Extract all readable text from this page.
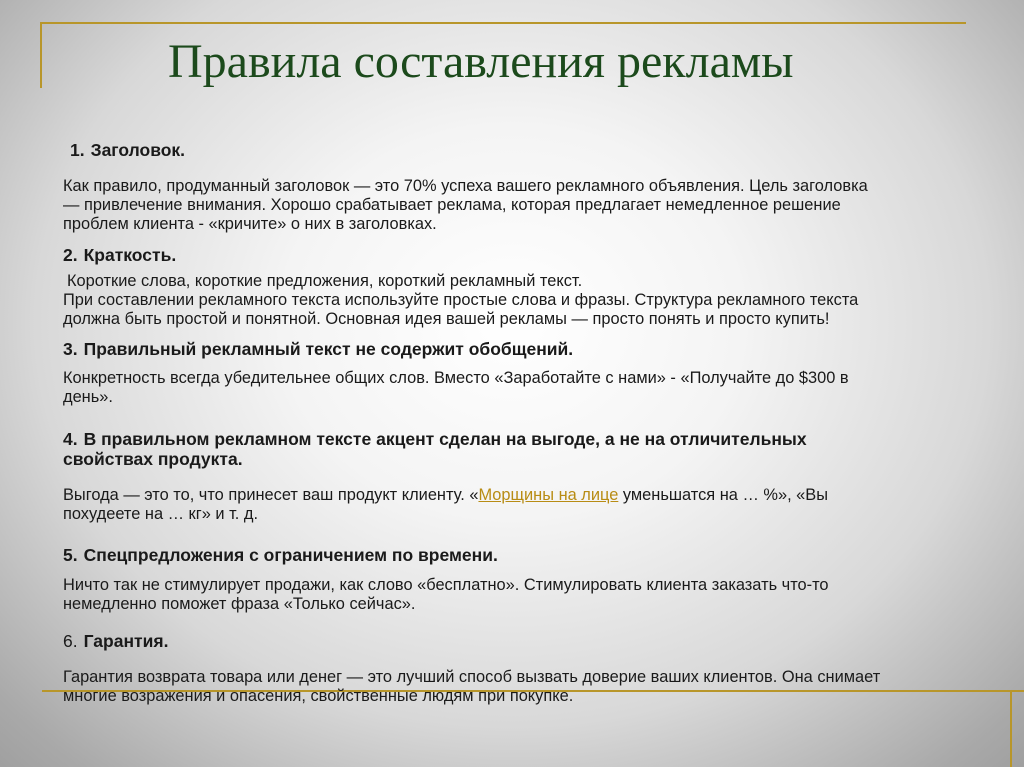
Правила составления рекламы
1. Заголовок.
Как правило, продуманный заголовок — это 70% успеха вашего рекламного объявления. Цель заголовка
— привлечение внимания. Хорошо срабатывает реклама, которая предлагает немедленное решение
проблем клиента - «кричите» о них в заголовках.
2. Краткость.
Короткие слова, короткие предложения, короткий рекламный текст.
При составлении рекламного текста используйте простые слова и фразы. Структура рекламного текста
должна быть простой и понятной. Основная идея вашей рекламы — просто понять и просто купить!
3. Правильный рекламный текст не содержит обобщений.
Конкретность всегда убедительнее общих слов. Вместо «Заработайте с нами» - «Получайте до $300 в
день».
4. В правильном рекламном тексте акцент сделан на выгоде, а не на отличительных
свойствах продукта.
Выгода — это то, что принесет ваш продукт клиенту. «Морщины на лице уменьшатся на … %», «Вы
похудеете на … кг» и т. д.
5. Спецпредложения с ограничением по времени.
Ничто так не стимулирует продажи, как слово «бесплатно». Стимулировать клиента заказать что-то
немедленно поможет фраза «Только сейчас».
6. Гарантия.
Гарантия возврата товара или денег — это лучший способ вызвать доверие ваших клиентов. Она снимает
многие возражения и опасения, свойственные людям при покупке.
